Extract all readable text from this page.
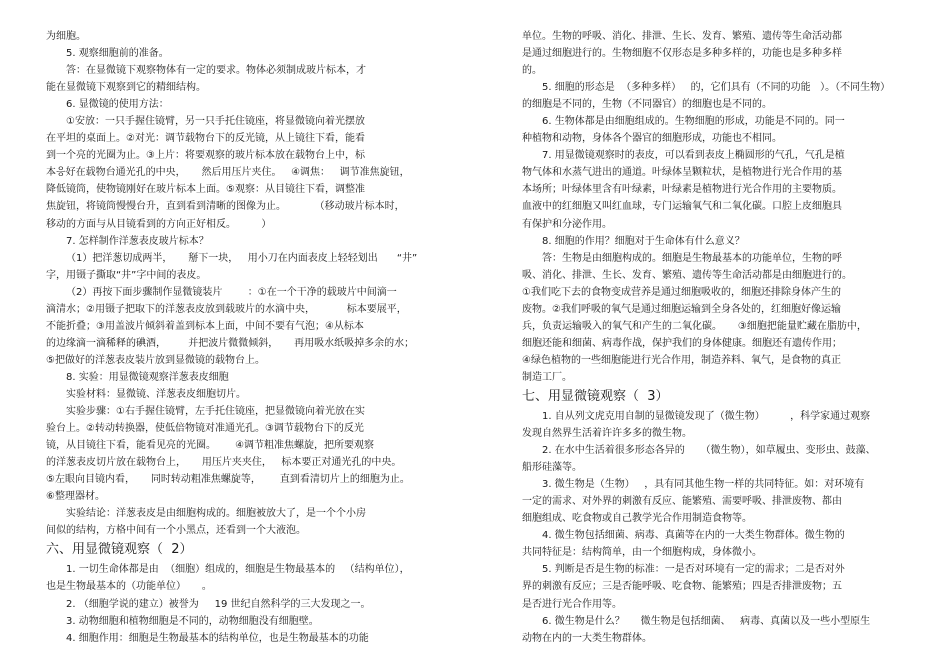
为细胞。
5. 观察细胞前的准备。
答：在显微镜下观察物体有一定的要求。物体必须制成玻片标本，才
能在显微镜下观察到它的精细结构。
6. 显微镜的使用方法：
①安放：一只手握住镜臂，另一只手托住镜座，将显微镜向着光摆放
在平坦的桌面上。②对光：调节载物台下的反光镜，从上镜往下看，能看
到一个亮的光圈为止。③上片：将要观察的玻片标本放在载物台上中，标
本응好在载物台通光孔的中央，     然后用压片夹住。   ④调焦：   调节准焦旋钮，
降低镜筒，使物镜刚好在玻片标本上面。⑤观察：从目镜往下看，调整准
焦旋钮，将镜筒慢慢台升，直到看到清晰的图像为止。         （移动玻片标本时，
移动的方面与从目镜看到的方向正好相反。        ）
7. 怎样制作洋葱表皮玻片标本？
（1）把洋葱切成两半，     掰下一块，   用小刀在内面表皮上轻轻划出      “井”
字，用镊子撕取“井”字中间的表皮。
（2）再按下面步骤制作显微镜装片        ：①在一个干净的载玻片中间滴一
滴清水；②用镊子把取下的洋葱表皮放到载玻片的水滴中央，          标本要展平，
不能折叠；③用盖波片倾斜着盖到标本上面，中间不要有气泡；④从标本
的边缘滴一滴稀释的碘酒，       并把波片微微倾斜，     再用吸水纸吸掉多余的水；
⑤把做好的洋葱表皮装片放到显微镜的载物台上。
8. 实验：用显微镜观察洋葱表皮细胞
实验材料：显微镜、洋葱表皮细胞切片。
实验步骤：①右手握住镜臂，左手托住镜座，把显微镜向着光放在实
验台上。②转动转换器，使低倍物镜对准通光孔。③调节载物台下的反光
镜，从目镜往下看，能看见亮的光圈。      ④调节粗准焦螺旋，把所要观察
的洋葱表皮切片放在载物台上，     用压片夹夹住，   标本要正对通光孔的中央。
⑤左眼向目镜内看，     同时转动粗准焦螺旋等，      直到看清切片上的细胞为止。
⑥整理器材。
实验结论：洋葱表皮是由细胞构成的。细胞被放大了，是一个个小房
间似的结构，方格中间有一个小黑点，还看到一个大液泡。
六、用显微镜观察（  2）
1. 一切生命体都是由  （细胞）组成的，细胞是生物最基本的   （结构单位），
也是生物最基本的（功能单位）     。
2. （细胞学说的建立）被誉为     19 世纪自然科学的三大发现之一。
3. 动物细胞和植物细胞是不同的，动物细胞没有细胞壁。
4. 细胞作用：细胞是生物最基本的结构单位，也是生物最基本的功能
单位。生物的呼吸、消化、排泄、生长、发育、繁殖、遗传等生命活动都
是通过细胞进行的。生物细胞不仅形态是多种多样的，功能也是多种多样
的。
5. 细胞的形态是  （多种多样）   的，它们具有（不同的功能   ）。（不同生物）
的细胞是不同的，生物（不同器官）的细胞也是不同的。
6. 生物体都是由细胞组成的。生物细胞的形成，功能是不同的。同一
种植物和动物，身体各个器官的细胞形成，功能也不相同。
7. 用显微镜观察时的表皮，可以看到表皮上椭圆形的气孔，气孔是植
物气体和水蒸气进出的通道。叶绿体呈颗粒状，是植物进行光合作用的基
本场所；叶绿体里含有叶绿素，叶绿素是植物进行光合作用的主要物质。
血液中的红细胞又叫红血球，专门运输氧气和二氧化碳。口腔上皮细胞具
有保护和分泌作用。
8. 细胞的作用？细胞对于生命体有什么意义？
答：生物是由细胞构成的。细胞是生物最基本的功能单位，生物的呼
吸、消化、排泄、生长、发育、繁殖、遗传等生命活动都是由细胞进行的。
①我们吃下去的食物变成营养是通过细胞吸收的，细胞还排除身体产生的
废物。②我们呼吸的氧气是通过细胞运输到全身各处的，红细胞好像运输
兵，负责运输吸入的氧气和产生的二氧化碳。     ③细胞把能量贮藏在脂肪中，
细胞还能和细菌、病毒作战，保护我们的身体健康。细胞还有遗传作用；
④绿色植物的一些细胞能进行光合作用，制造养料、氧气，是食物的真正
制造工厂。
七、用显微镜观察（  3）
1. 自从列文虎克用自制的显微镜发现了（微生物）        ，科学家通过观察
发现自然界生活着许许多多的微生物。
2. 在水中生活着很多形态各异的     （微生物），如草履虫、变形虫、鼓藻、
船形硅藻等。
3. 微生物是（生物）   ，具有同其他生物一样的共同特征。如：对环境有
一定的需求、对外界的刺激有反应、能繁殖、需要呼吸、排泄废物、都由
细胞组成、吃食物或自己教学光合作用制造食物等。
4. 微生物包括细菌、病毒、真菌等在内的一大类生物群体。微生物的
共同特征是：结构简单，由一个细胞构成，身体微小。
5. 判断是否是生物的标准：一是否对环境有一定的需求；二是否对外
界的刺激有反应；三是否能呼吸、吃食物、能繁殖；四是否排泄废物；五
是否进行光合作用等。
6. 微生物是什么？     微生物是包括细菌、   病毒、真菌以及一些小型原生
动物在内的一大类生物群体。
